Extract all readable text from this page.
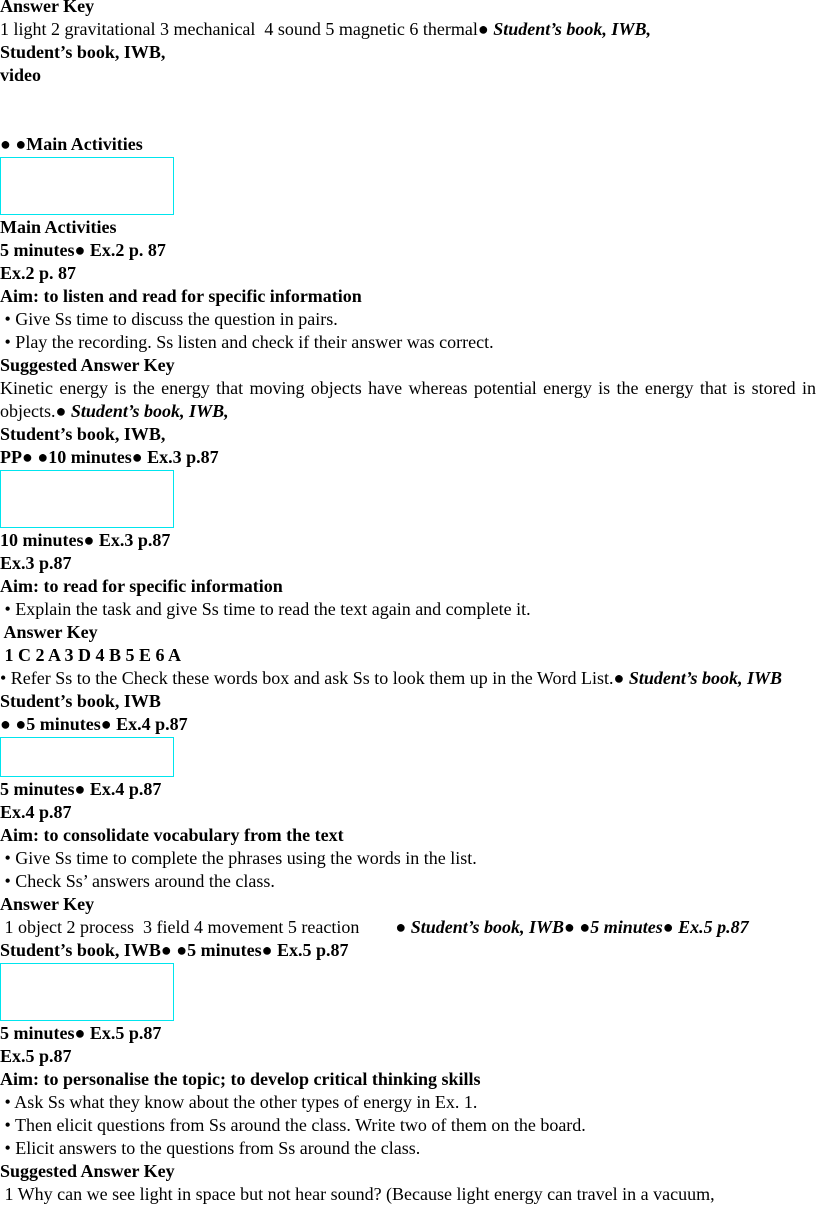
Answer Key
1 light 2 gravitational 3 mechanical  4 sound 5 magnetic 6 thermal● Student’s book, IWB,
Student’s book, IWB,
video
● ●Main Activities
Main Activities
5 minutes● Ex.2 p. 87
Ex.2 p. 87
Aim: to listen and read for specific information
• Give Ss time to discuss the question in pairs.
• Play the recording. Ss listen and check if their answer was correct.
Suggested Answer Key
Kinetic energy is the energy that moving objects have whereas potential energy is the energy that is stored in objects.● Student’s book, IWB,
Student’s book, IWB,
PP● ●10 minutes● Ex.3 p.87
10 minutes● Ex.3 p.87
Ex.3 p.87
Aim: to read for specific information
• Explain the task and give Ss time to read the text again and complete it.
Answer Key
1 C 2 A 3 D 4 B 5 E 6 A
• Refer Ss to the Check these words box and ask Ss to look them up in the Word List.● Student’s book, IWB
Student’s book, IWB
● ●5 minutes● Ex.4 p.87
5 minutes● Ex.4 p.87
Ex.4 p.87
Aim: to consolidate vocabulary from the text
• Give Ss time to complete the phrases using the words in the list.
• Check Ss’ answers around the class.
Answer Key
1 object 2 process  3 field 4 movement 5 reaction        ● Student’s book, IWB● ●5 minutes● Ex.5 p.87
Student’s book, IWB● ●5 minutes● Ex.5 p.87
5 minutes● Ex.5 p.87
Ex.5 p.87
Aim: to personalise the topic; to develop critical thinking skills
• Ask Ss what they know about the other types of energy in Ex. 1.
• Then elicit questions from Ss around the class. Write two of them on the board.
• Elicit answers to the questions from Ss around the class.
Suggested Answer Key
1 Why can we see light in space but not hear sound? (Because light energy can travel in a vacuum,
